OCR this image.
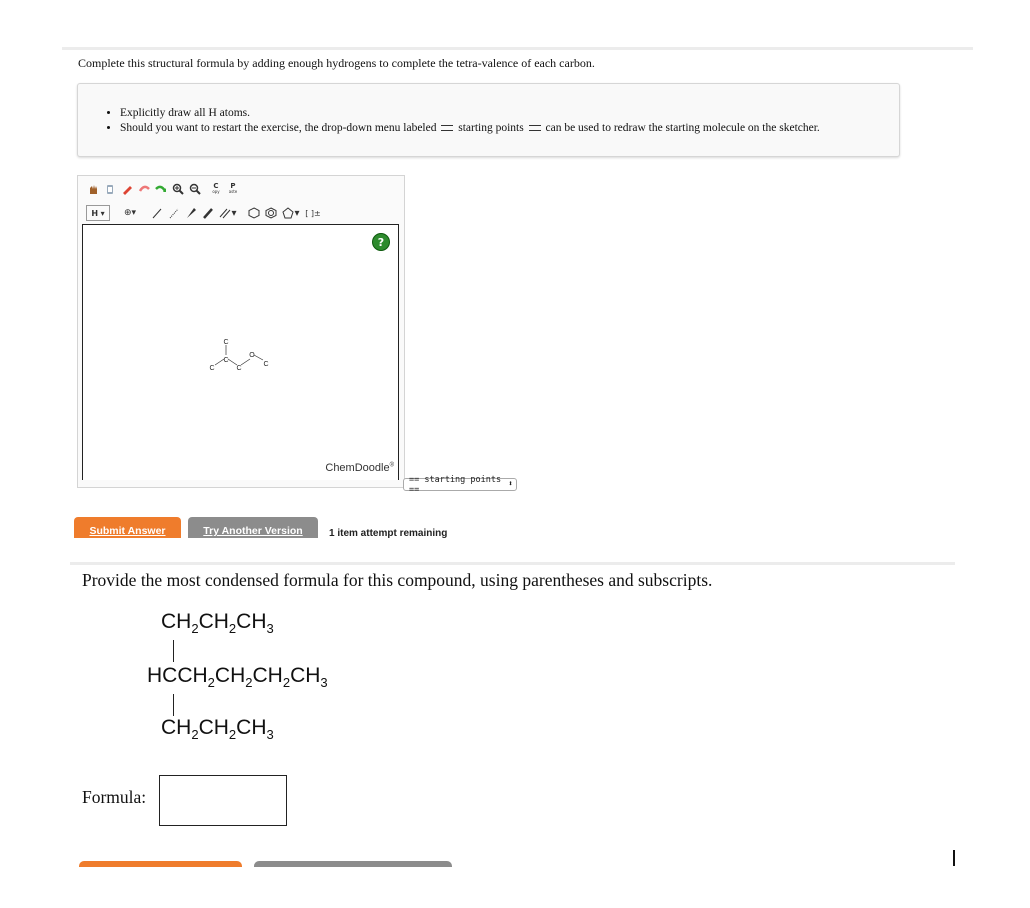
Complete this structural formula by adding enough hydrogens to complete the tetra-valence of each carbon.
• Explicitly draw all H atoms.
• Should you want to restart the exercise, the drop-down menu labeled starting points can be used to redraw the starting molecule on the sketcher.
C
opy
P
aste
H ▾	⊕ ▾	▾	▾ [ ]±
?
C
C
C
C
O
C
ChemDoodle®
== starting points ==
⬍
Submit Answer	Try Another Version	1 item attempt remaining
Provide the most condensed formula for this compound, using parentheses and subscripts.
$CH_2CH_2CH_3$
$HCCH_2CH_2CH_2CH_3$
$CH_2CH_2CH_3$
Formula:
